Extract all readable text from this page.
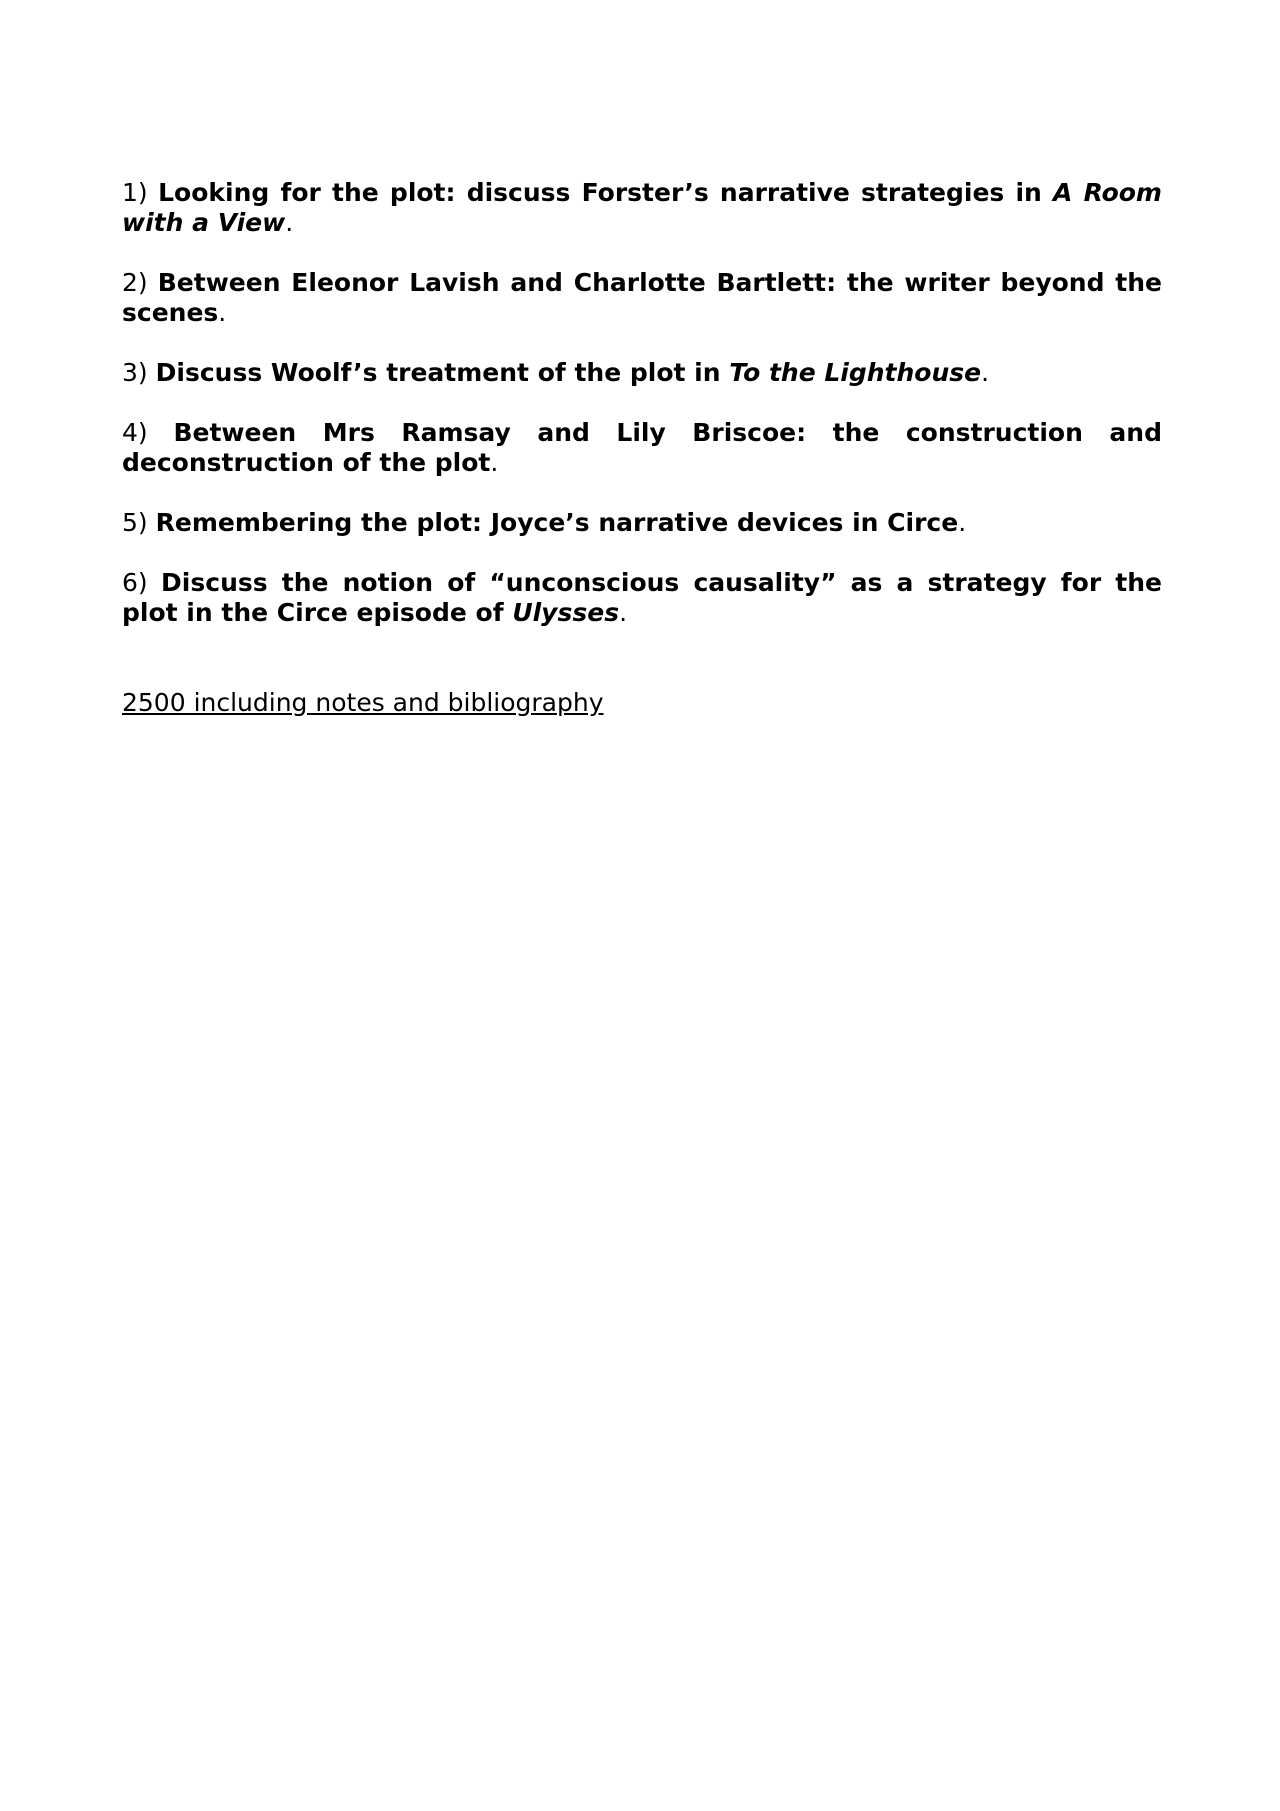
1) Looking for the plot: discuss Forster’s narrative strategies in A Room with a View.

2) Between Eleonor Lavish and Charlotte Bartlett: the writer beyond the scenes.

3) Discuss Woolf’s treatment of the plot in To the Lighthouse.

4) Between Mrs Ramsay and Lily Briscoe: the construction and deconstruction of the plot.

5) Remembering the plot: Joyce’s narrative devices in Circe.

6) Discuss the notion of “unconscious causality” as a strategy for the plot in the Circe episode of Ulysses.

2500 including notes and bibliography
